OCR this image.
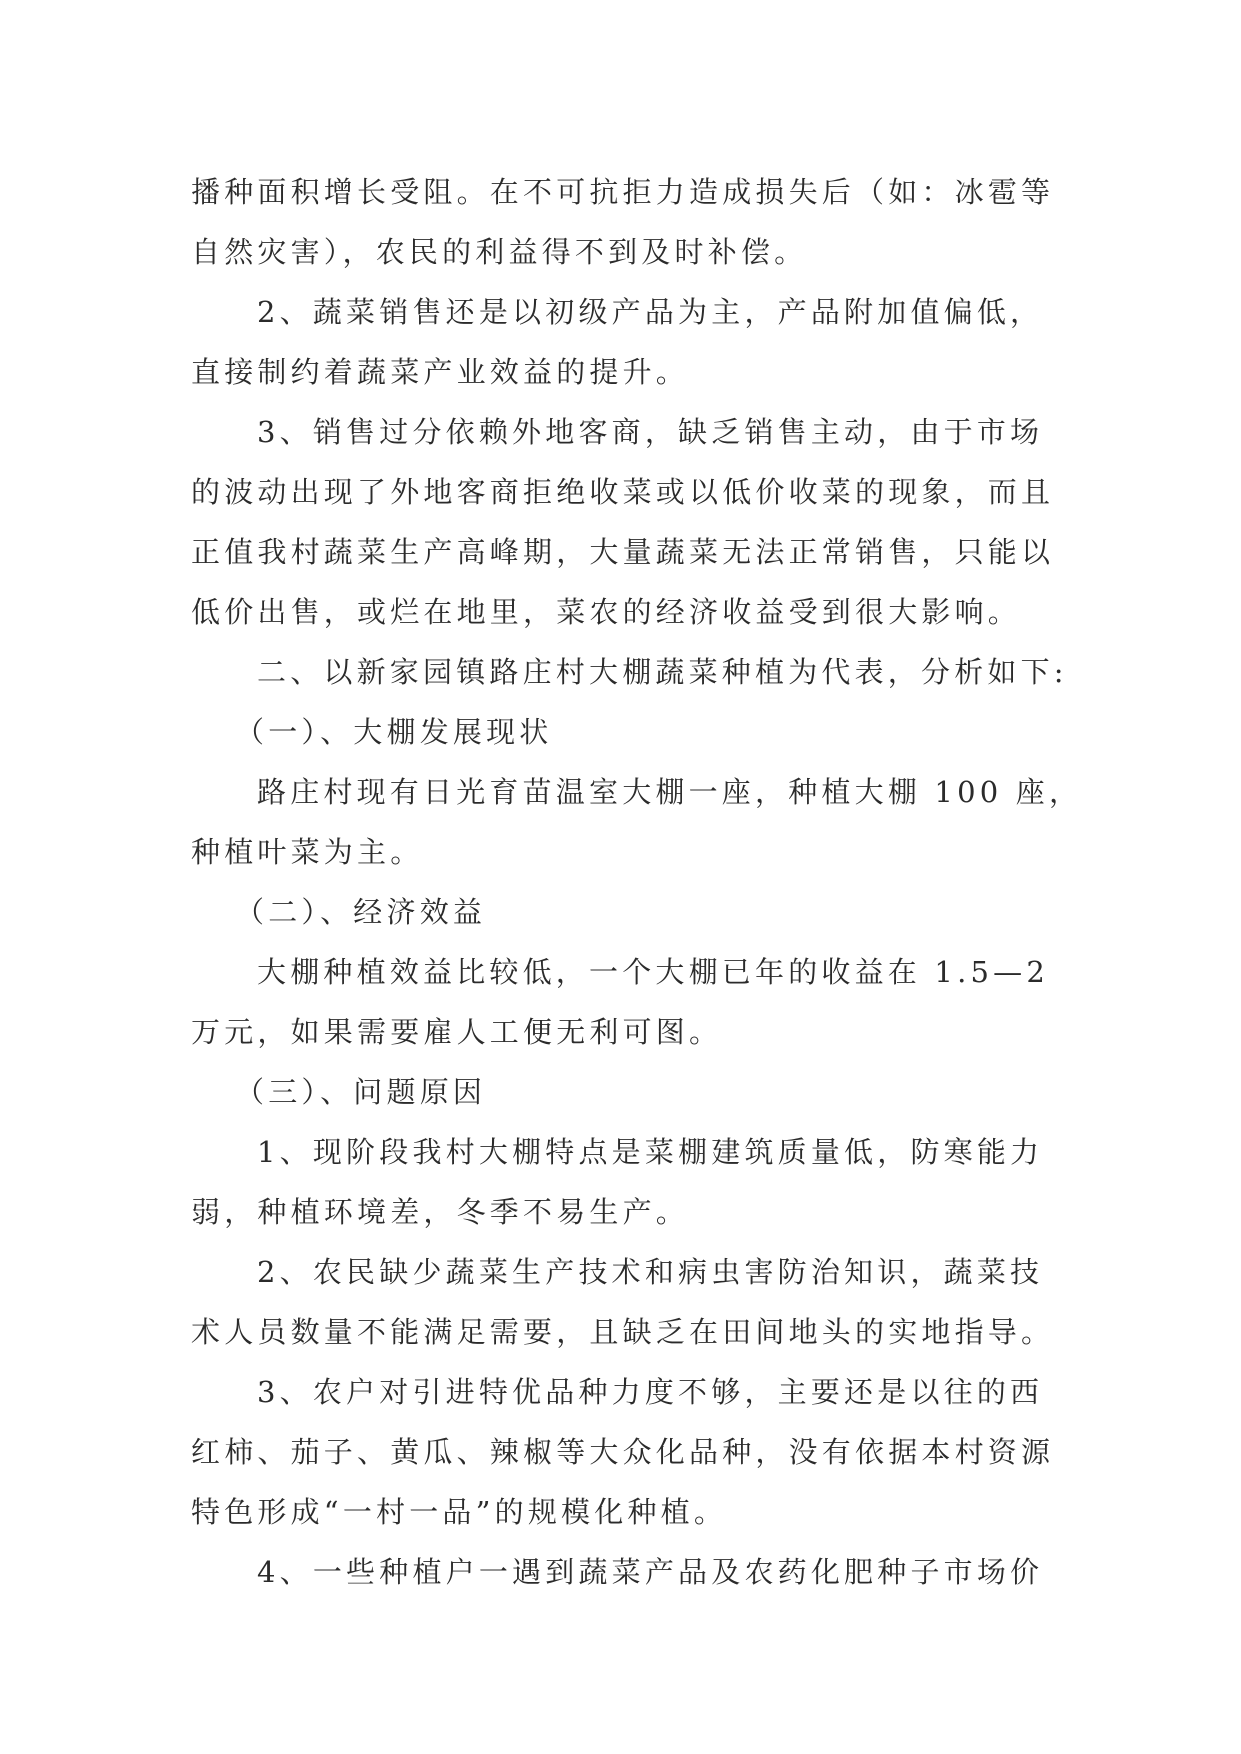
播种面积增长受阻。在不可抗拒力造成损失后（如：冰雹等
自然灾害），农民的利益得不到及时补偿。

2、蔬菜销售还是以初级产品为主，产品附加值偏低，
直接制约着蔬菜产业效益的提升。

3、销售过分依赖外地客商，缺乏销售主动，由于市场
的波动出现了外地客商拒绝收菜或以低价收菜的现象，而且
正值我村蔬菜生产高峰期，大量蔬菜无法正常销售，只能以
低价出售，或烂在地里，菜农的经济收益受到很大影响。

二、以新家园镇路庄村大棚蔬菜种植为代表，分析如下:

（一）、大棚发展现状

路庄村现有日光育苗温室大棚一座，种植大棚 100 座，
种植叶菜为主。

（二）、经济效益

大棚种植效益比较低，一个大棚已年的收益在 1.5—2
万元，如果需要雇人工便无利可图。

（三）、问题原因

1、现阶段我村大棚特点是菜棚建筑质量低，防寒能力
弱，种植环境差，冬季不易生产。

2、农民缺少蔬菜生产技术和病虫害防治知识，蔬菜技
术人员数量不能满足需要，且缺乏在田间地头的实地指导。

3、农户对引进特优品种力度不够，主要还是以往的西
红柿、茄子、黄瓜、辣椒等大众化品种，没有依据本村资源
特色形成“一村一品”的规模化种植。

4、一些种植户一遇到蔬菜产品及农药化肥种子市场价
